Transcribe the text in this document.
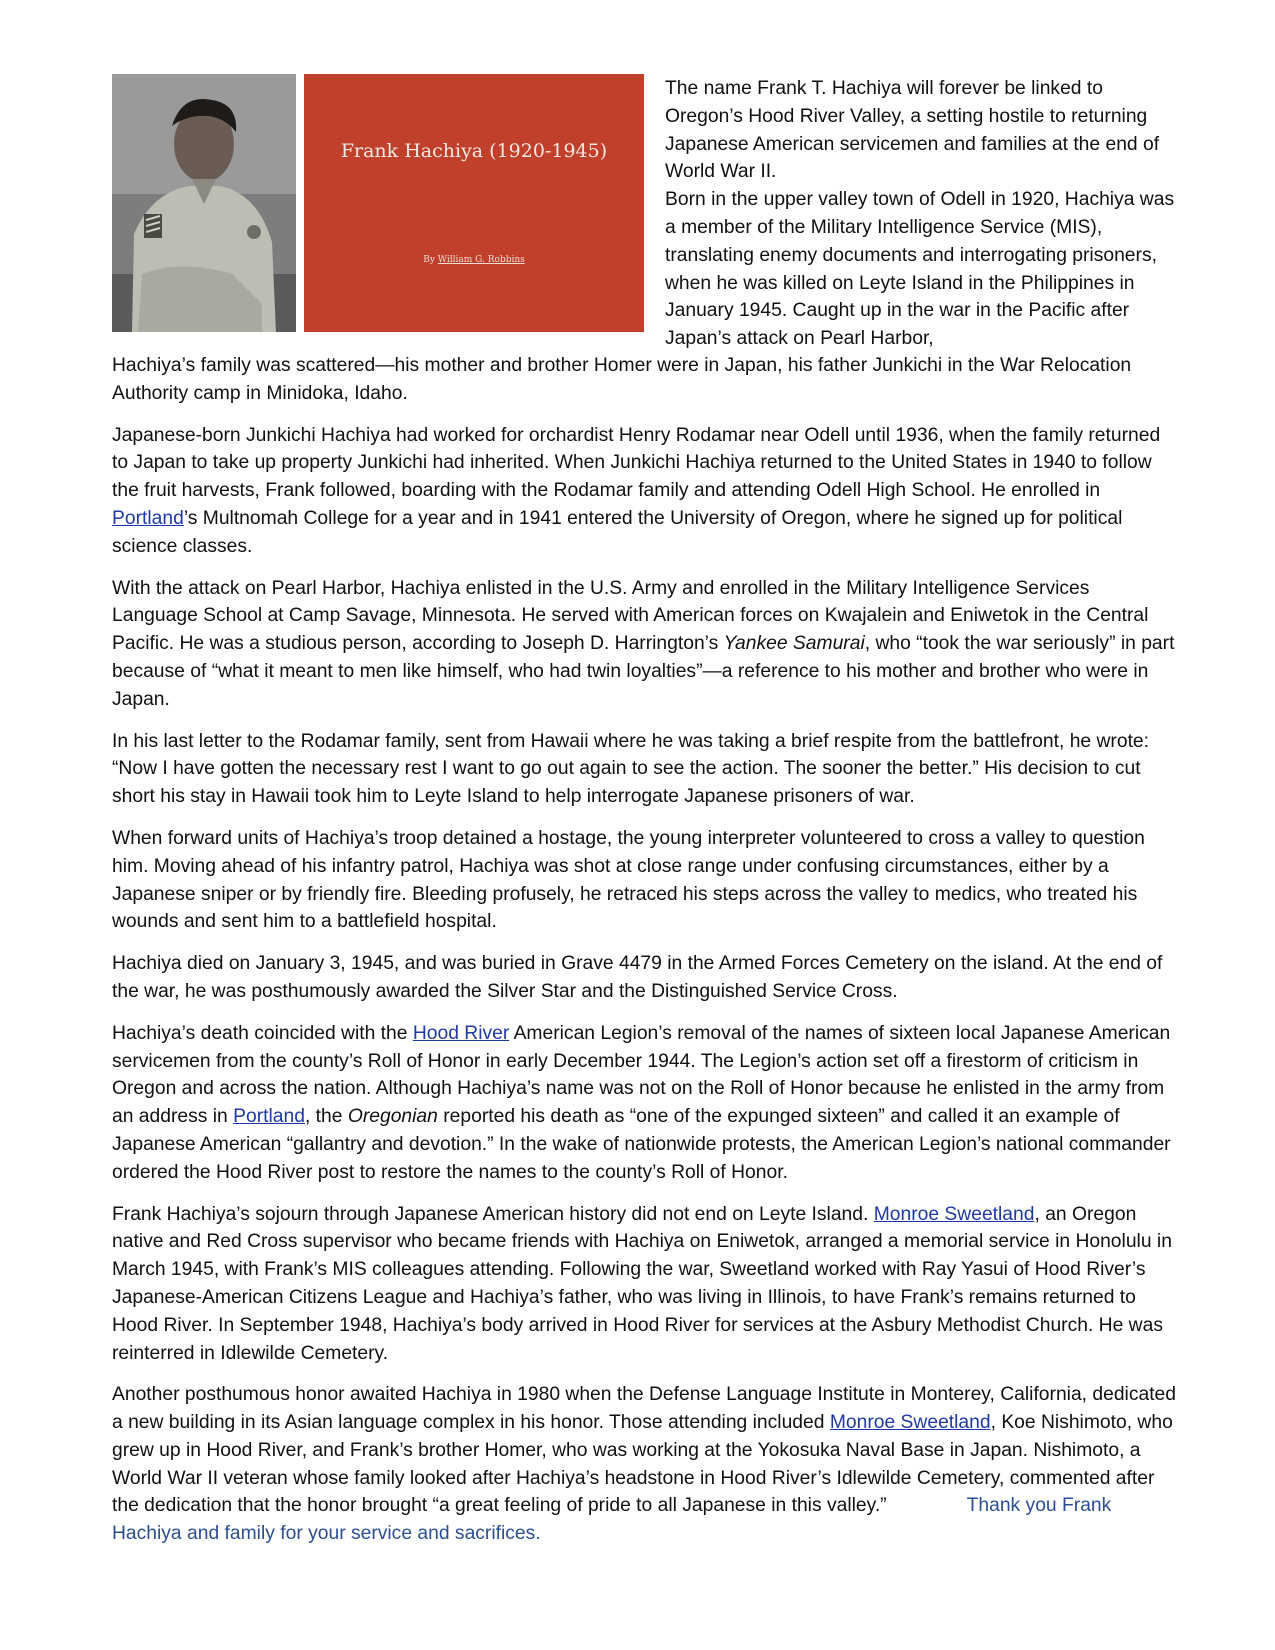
Frank Hachiya (1920-1945)
By William G. Robbins

The name Frank T. Hachiya will forever be linked to Oregon’s Hood River Valley, a setting hostile to returning Japanese American servicemen and families at the end of World War II.

Born in the upper valley town of Odell in 1920, Hachiya was a member of the Military Intelligence Service (MIS), translating enemy documents and interrogating prisoners, when he was killed on Leyte Island in the Philippines in January 1945. Caught up in the war in the Pacific after Japan’s attack on Pearl Harbor,

Hachiya’s family was scattered—his mother and brother Homer were in Japan, his father Junkichi in the War Relocation Authority camp in Minidoka, Idaho.

Japanese-born Junkichi Hachiya had worked for orchardist Henry Rodamar near Odell until 1936, when the family returned to Japan to take up property Junkichi had inherited. When Junkichi Hachiya returned to the United States in 1940 to follow the fruit harvests, Frank followed, boarding with the Rodamar family and attending Odell High School. He enrolled in Portland’s Multnomah College for a year and in 1941 entered the University of Oregon, where he signed up for political science classes.

With the attack on Pearl Harbor, Hachiya enlisted in the U.S. Army and enrolled in the Military Intelligence Services Language School at Camp Savage, Minnesota. He served with American forces on Kwajalein and Eniwetok in the Central Pacific. He was a studious person, according to Joseph D. Harrington’s Yankee Samurai, who “took the war seriously” in part because of “what it meant to men like himself, who had twin loyalties”—a reference to his mother and brother who were in Japan.

In his last letter to the Rodamar family, sent from Hawaii where he was taking a brief respite from the battlefront, he wrote: “Now I have gotten the necessary rest I want to go out again to see the action. The sooner the better.” His decision to cut short his stay in Hawaii took him to Leyte Island to help interrogate Japanese prisoners of war.

When forward units of Hachiya’s troop detained a hostage, the young interpreter volunteered to cross a valley to question him. Moving ahead of his infantry patrol, Hachiya was shot at close range under confusing circumstances, either by a Japanese sniper or by friendly fire. Bleeding profusely, he retraced his steps across the valley to medics, who treated his wounds and sent him to a battlefield hospital.

Hachiya died on January 3, 1945, and was buried in Grave 4479 in the Armed Forces Cemetery on the island. At the end of the war, he was posthumously awarded the Silver Star and the Distinguished Service Cross.

Hachiya’s death coincided with the Hood River American Legion’s removal of the names of sixteen local Japanese American servicemen from the county’s Roll of Honor in early December 1944. The Legion’s action set off a firestorm of criticism in Oregon and across the nation. Although Hachiya’s name was not on the Roll of Honor because he enlisted in the army from an address in Portland, the Oregonian reported his death as “one of the expunged sixteen” and called it an example of Japanese American “gallantry and devotion.” In the wake of nationwide protests, the American Legion’s national commander ordered the Hood River post to restore the names to the county’s Roll of Honor.

Frank Hachiya’s sojourn through Japanese American history did not end on Leyte Island. Monroe Sweetland, an Oregon native and Red Cross supervisor who became friends with Hachiya on Eniwetok, arranged a memorial service in Honolulu in March 1945, with Frank’s MIS colleagues attending. Following the war, Sweetland worked with Ray Yasui of Hood River’s Japanese-American Citizens League and Hachiya’s father, who was living in Illinois, to have Frank’s remains returned to Hood River. In September 1948, Hachiya’s body arrived in Hood River for services at the Asbury Methodist Church. He was reinterred in Idlewilde Cemetery.

Another posthumous honor awaited Hachiya in 1980 when the Defense Language Institute in Monterey, California, dedicated a new building in its Asian language complex in his honor. Those attending included Monroe Sweetland, Koe Nishimoto, who grew up in Hood River, and Frank’s brother Homer, who was working at the Yokosuka Naval Base in Japan. Nishimoto, a World War II veteran whose family looked after Hachiya’s headstone in Hood River’s Idlewilde Cemetery, commented after the dedication that the honor brought “a great feeling of pride to all Japanese in this valley.”	Thank you Frank Hachiya and family for your service and sacrifices.
